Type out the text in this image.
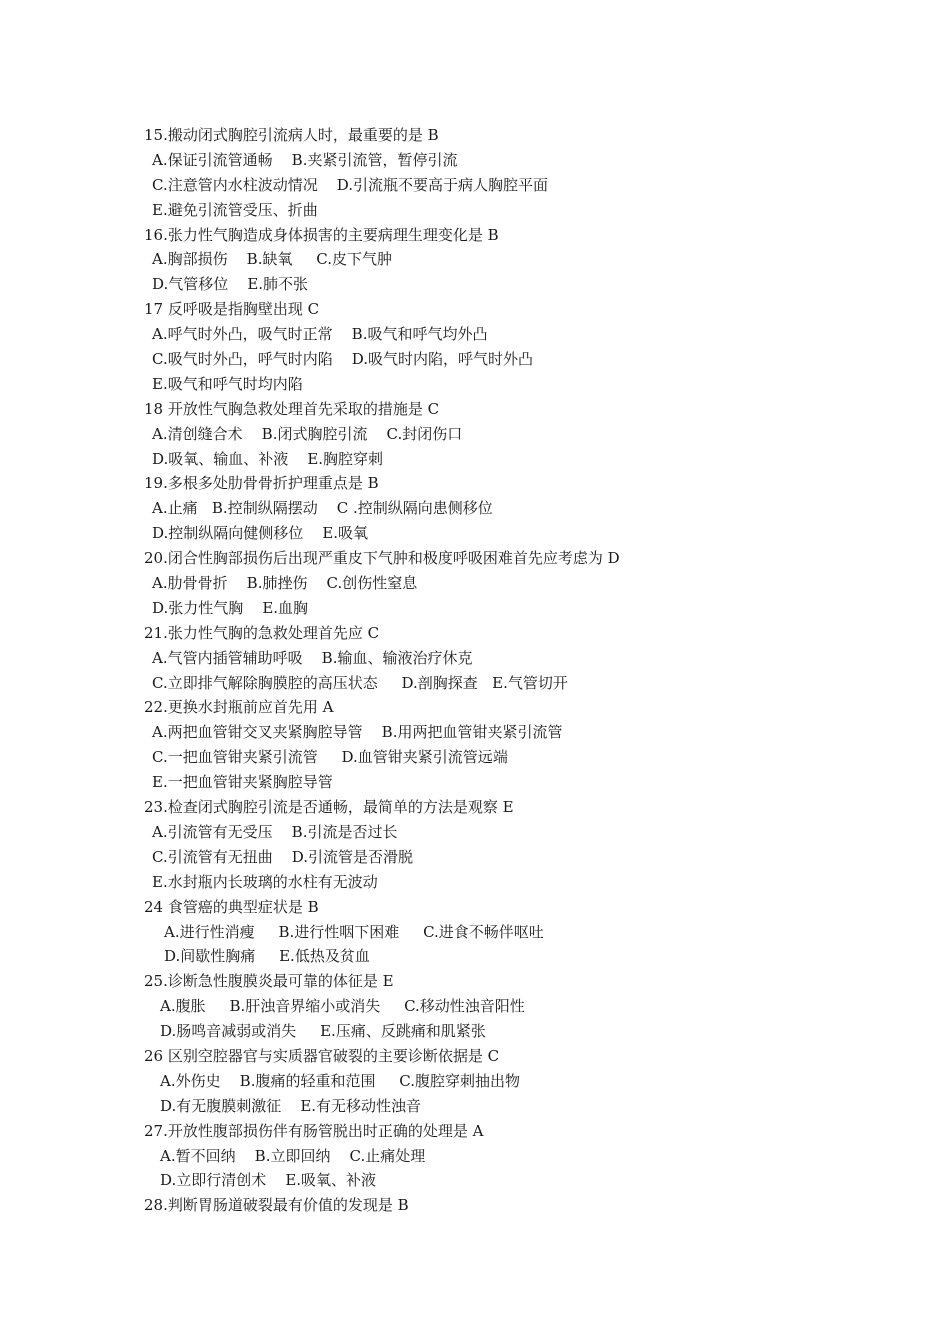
15.搬动闭式胸腔引流病人时，最重要的是 B
A.保证引流管通畅    B.夹紧引流管，暂停引流
C.注意管内水柱波动情况    D.引流瓶不要高于病人胸腔平面
E.避免引流管受压、折曲
16.张力性气胸造成身体损害的主要病理生理变化是 B
A.胸部损伤    B.缺氧     C.皮下气肿
D.气管移位    E.肺不张
17 反呼吸是指胸壁出现 C
A.呼气时外凸，吸气时正常    B.吸气和呼气均外凸
C.吸气时外凸，呼气时内陷    D.吸气时内陷，呼气时外凸
E.吸气和呼气时均内陷
18 开放性气胸急救处理首先采取的措施是 C
A.清创缝合术    B.闭式胸腔引流    C.封闭伤口
D.吸氧、输血、补液    E.胸腔穿刺
19.多根多处肋骨骨折护理重点是 B
A.止痛   B.控制纵隔摆动    C .控制纵隔向患侧移位
D.控制纵隔向健侧移位    E.吸氧
20.闭合性胸部损伤后出现严重皮下气肿和极度呼吸困难首先应考虑为 D
A.肋骨骨折    B.肺挫伤    C.创伤性窒息
D.张力性气胸    E.血胸
21.张力性气胸的急救处理首先应 C
A.气管内插管辅助呼吸    B.输血、输液治疗休克
C.立即排气解除胸膜腔的高压状态     D.剖胸探查   E.气管切开
22.更换水封瓶前应首先用 A
A.两把血管钳交叉夹紧胸腔导管    B.用两把血管钳夹紧引流管
C.一把血管钳夹紧引流管     D.血管钳夹紧引流管远端
E.一把血管钳夹紧胸腔导管
23.检查闭式胸腔引流是否通畅，最简单的方法是观察 E
A.引流管有无受压    B.引流是否过长
C.引流管有无扭曲    D.引流管是否滑脱
E.水封瓶内长玻璃的水柱有无波动
24 食管癌的典型症状是 B
A.进行性消瘦     B.进行性咽下困难     C.进食不畅伴呕吐
D.间歇性胸痛     E.低热及贫血
25.诊断急性腹膜炎最可靠的体征是 E
A.腹胀     B.肝浊音界缩小或消失     C.移动性浊音阳性
D.肠鸣音减弱或消失     E.压痛、反跳痛和肌紧张
26 区别空腔器官与实质器官破裂的主要诊断依据是 C
A.外伤史    B.腹痛的轻重和范围     C.腹腔穿刺抽出物
D.有无腹膜刺激征    E.有无移动性浊音
27.开放性腹部损伤伴有肠管脱出时正确的处理是 A
A.暂不回纳    B.立即回纳    C.止痛处理
D.立即行清创术    E.吸氧、补液
28.判断胃肠道破裂最有价值的发现是 B
